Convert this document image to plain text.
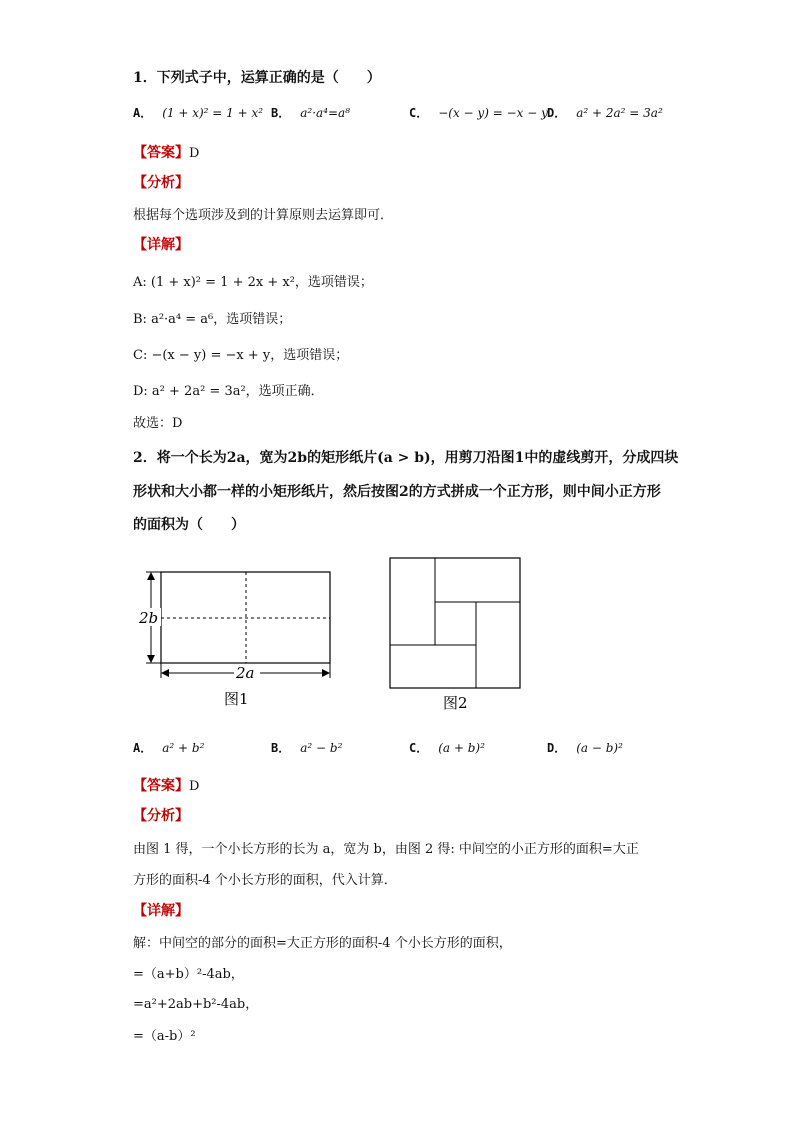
1．下列式子中，运算正确的是（　　）
A． (1 + x)² = 1 + x² B． a²·a⁴=a⁸	C． −(x − y) = −x − y D． a² + 2a² = 3a²
【答案】D
【分析】
根据每个选项涉及到的计算原则去运算即可．
【详解】
A: (1 + x)² = 1 + 2x + x²，选项错误；
B: a²·a⁴ = a⁶，选项错误；
C: −(x − y) = −x + y，选项错误；
D: a² + 2a² = 3a²，选项正确．
故选：D
2．将一个长为2a，宽为2b的矩形纸片(a > b)，用剪刀沿图1中的虚线剪开，分成四块
形状和大小都一样的小矩形纸片，然后按图2的方式拼成一个正方形，则中间小正方形
的面积为（　　）
2b
2a
图1	图2
A． a² + b²	B． a² − b²	C． (a + b)²	D． (a − b)²
【答案】D
【分析】
由图 1 得，一个小长方形的长为 a，宽为 b，由图 2 得: 中间空的小正方形的面积=大正
方形的面积-4 个小长方形的面积，代入计算．
【详解】
解：中间空的部分的面积=大正方形的面积-4 个小长方形的面积，
=（a+b）²-4ab，
=a²+2ab+b²-4ab，
=（a-b）²
